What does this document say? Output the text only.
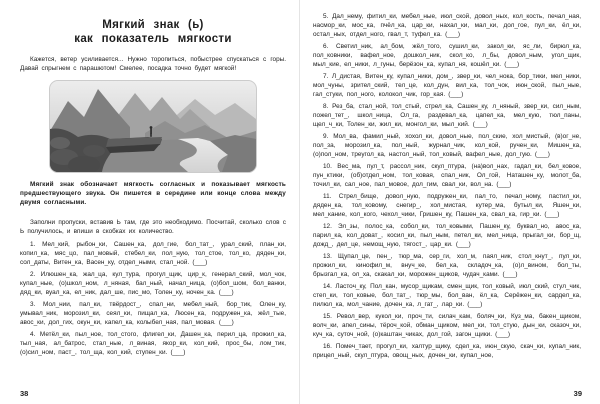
Мягкий знак (ь)
как показатель мягкости

Кажется, ветер усиливается... Нужно торопиться, побыстрее спускаться с горы. Давай спрыгнем с парашютом! Смелее, посадка точно будет мягкой!

Мягкий знак обозначает мягкость согласных и показывает мягкость предшествующего звука. Он пишется в середине или конце слова между двумя согласными.

Заполни пропуски, вставив Ь там, где это необходимо. Посчитай, сколько слов с Ь получилось, и впиши в скобках их количество.

1. Мел_кий, рыбон_ки, Сашен_ка, дол_гие, бол_тат_, урал_ский, план_ки, копил_ка, мяс_цо, пал_мовый, стебел_ки, пол_ную, тол_стое, тол_ко, дяден_ки, сол_даты, Витен_ка, Васен_ку, отдел_ными, стал_ной. (___)

2. Илюшен_ка, жал_ца, кул_тура, прогул_щик, цир_к, генерал_ский, мол_чок, купал_ные, (о)школ_ном, л_няная, бал_ный, начал_ница, (о)бол_шом, бол_ванки, дяд_ки, вуал_ка, ел_ник, дал_ше, пис_мо, Толен_ку, ночен_ка. (___)

3. Мол_нии, пал_ки, твёрдост_, спал_ни, мебел_ный, бор_тик, Олен_ку, умывал_ник, морозил_ки, сеял_ки, пищал_ка, Люсен_ка, подружен_ка, жёл_тые, авос_ки, дол_гих, окун_ки, капел_ка, колыбел_ная, пал_мовая. (___)

4. Метёл_ки, пыл_ное, тол_стого, флигел_ки, Дашен_ка, перил_ца, прожил_ка, тыл_ная, ал_батрос, стал_ные, л_виная, якор_ки, кол_кий, прос_бы, лом_тик, (о)сил_ном, паст_, тол_ща, кол_кий, ступен_ки. (___)

38

5. Дал_нему, фитил_ки, мебел_ные, июл_ской, довол_ных, кол_кость, печал_ная, насмор_ки, мос_ка, пчёл_ка, цар_ки, нахал_ки, мал_ки, дол_гое, пул_ки, ёл_ки, остал_ных, отдел_ного, гвал_т, туфел_ка. (___)

6. Светил_ник, ал_бом, жёл_того, сушил_ки, закол_ки, яс_ли, бирюл_ка, пол_ковники, вафел_ное, дошкол_ник, скол_ко, л_бы, довол_ным, угол_щик, мыл_кие, ел_ники, л_гуны, берёзон_ка, купал_ня, кошёл_ки. (___)

7. Л_дистая, Витен_ку, купал_ники, дом_, звер_ки, чел_нока, бор_тики, мел_ники, мол_чуны, зрител_ский, тел_це, кол_дун, вил_ка, тол_чок, июн_ской, пыл_ные, гал_стуки, пол_ного, колокол_чик, гор_кая. (___)

8. Рез_ба, стал_ной, тол_стый, стрел_ка, Сашен_ку, л_няный, звер_ки, сил_ным, пожел_тет_, школ_ница, Ол_га, раздевал_ка, цапел_ка, мел_кую, тюл_паны, щел_ч_ки, Толен_ки, жил_ки, монгол_ки, мыл_кий. (___)

9. Мол_ва, фамил_ный, хохол_ки, довол_ные, пол_ские, хол_мистый, (в)ог_не, пол_за, морозил_ка, пол_ный, журнал_чик, кол_кой, ручен_ки, Мишен_ка, (о)пол_ном, треугол_ка, настол_ный, тол_ковый, вафел_ные, дол_гую. (___)

10. Вес_ма, пул_т, рассол_ник, скул_птура, (на)вол_нах, гадал_ки, бел_ковое, пун_ктики, (об)отдел_ном, тол_ковая, спал_ник, Ол_гой, Наташен_ку, молот_ба, точил_ки, сал_ное, пал_мовое, дол_гим, свал_ки, вол_на. (___)

11. Стрел_бище, довол_ную, подружен_ки, пал_то, печал_ному, пастил_ки, дяден_ка, тол_ковому, снегир_, хол_мистая, кутер_ма, бутыл_ки, Яшен_ки, мел_кание, кол_кого, чехол_чики, Гришен_ку, Пашен_ка, свал_ка, гир_ки. (___)

12. Эл_зы, полос_ка, собол_ки, тол_ковыми, Пашен_ку, буквал_но, авос_ка, парил_ка, кол_доват_, косил_ки, пыл_ным, петел_ки, мел_ница, прыгал_ки, бор_щ, дожд_, дел_це, немощ_ную, тягост_, цар_ки. (___)

13. Щупал_це, пен_, тюр_ма, сер_ги, хол_м, паял_ник, стол_кнут_, пул_ки, прожил_ки, кинофил_м, внуч_ке, бел_ка, складоч_ка, (о)л_вином, бол_ты, брызгал_ка, ол_ха, скакал_ки, морожен_щиков, чудач_ками. (___)

14. Ласточ_ку, Пол_кан, мусор_щикам, смен_щик, тол_ковый, июл_ский, стул_чик, степ_ки, тол_ковые, бол_тат_, тюр_мы, бол_ван, ёл_ка, Серёжен_ки, сардел_ка, пилюл_ка, мол_чание, дочен_ка, л_гат_, лар_ки. (___)

15. Револ_вер, кукол_ки, проч_ти, силач_кам, боляч_ки, Куз_ма, бакен_щиком, волч_ки, апел_сины, тёроч_кой, обман_щиком, мел_ки, тол_стую, дын_ки, сказоч_ки, куч_ка, суточ_ной, (о)каштан_чиках, дол_гой, загон_щики. (___)

16. Помеч_тает, прогул_ки, халтур_щику, сдел_ка, июн_скую, скач_ки, купал_ник, прицел_ный, скул_птура, овощ_ных, дочен_ки, купал_ное,

39
